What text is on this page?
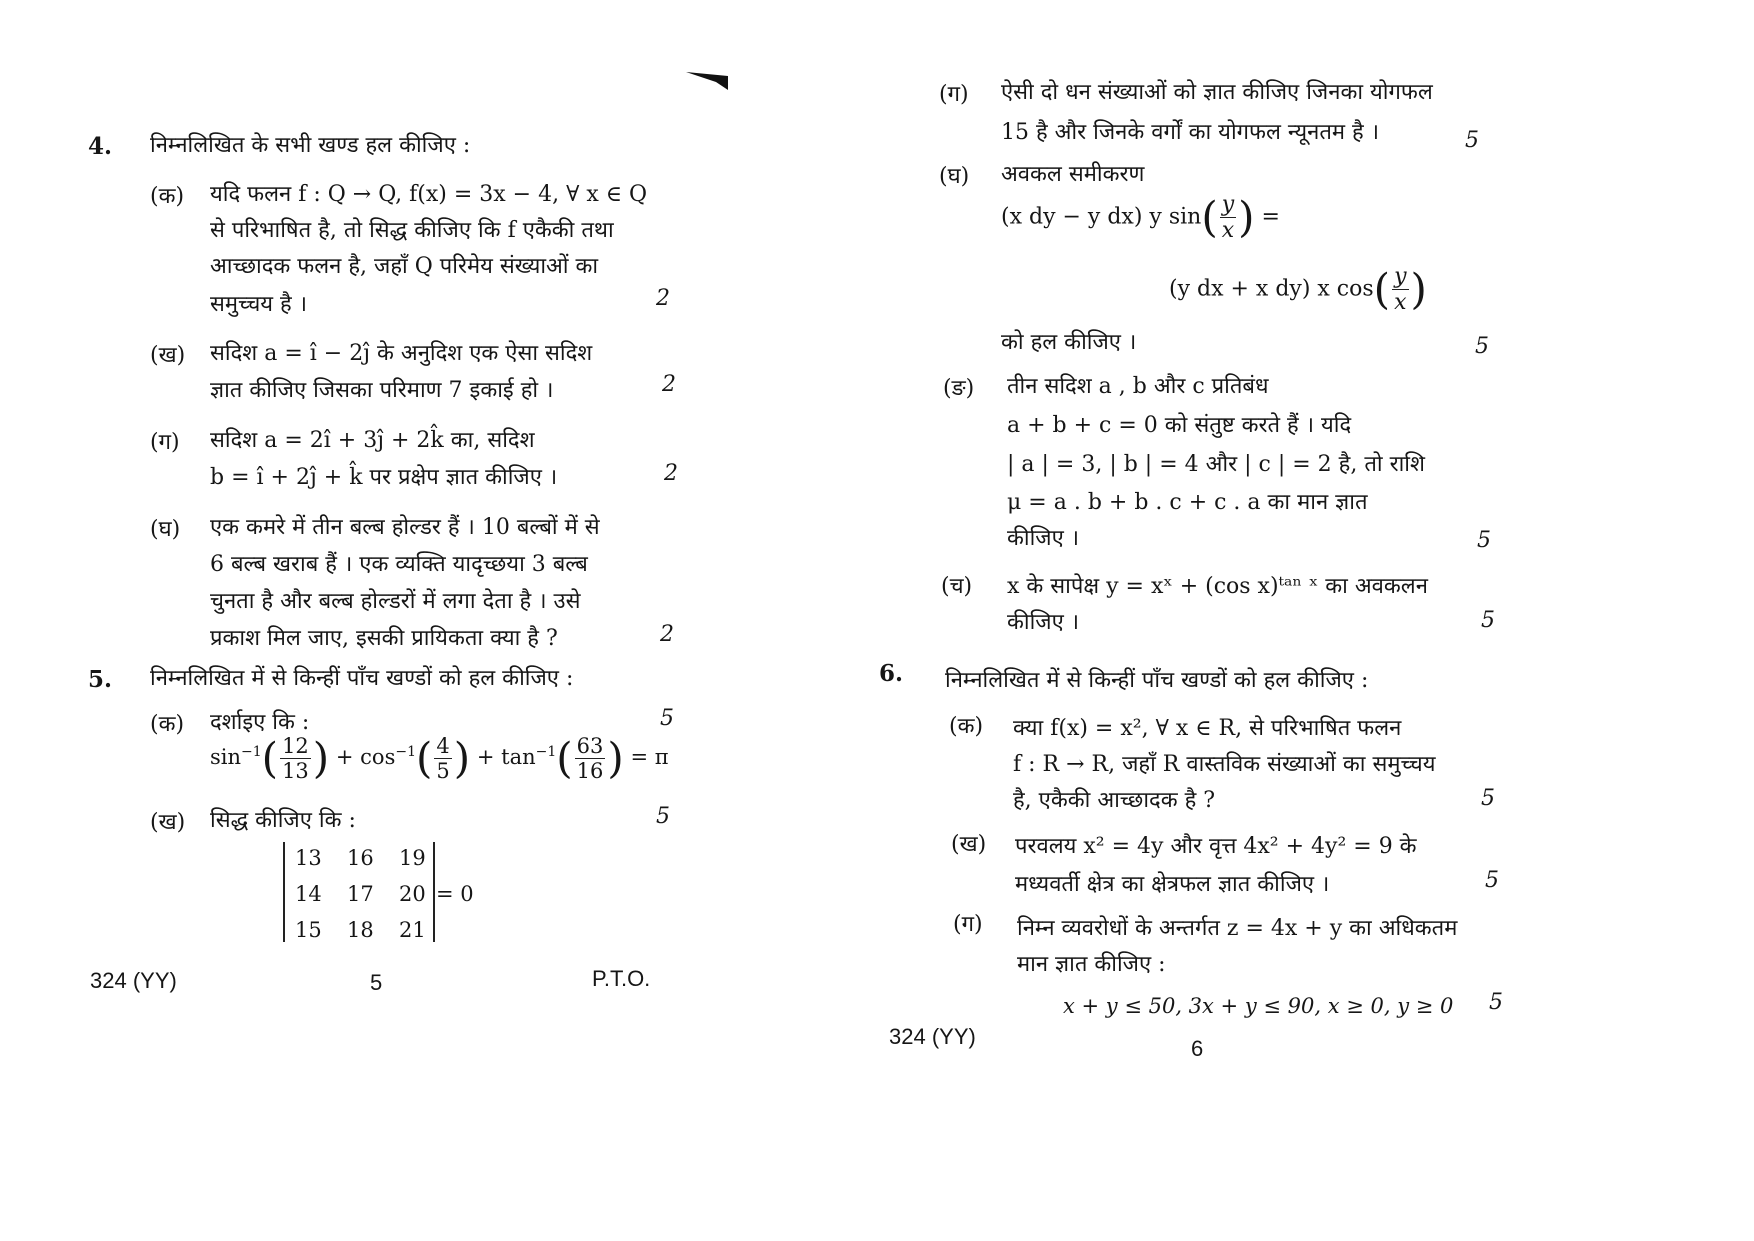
4. निम्नलिखित के सभी खण्ड हल कीजिए :
(क) यदि फलन f : Q → Q, f(x) = 3x − 4, ∀ x ∈ Q
से परिभाषित है, तो सिद्ध कीजिए कि f एकैकी तथा
आच्छादक फलन है, जहाँ Q परिमेय संख्याओं का
समुच्चय है ।	2
(ख) सदिश a = î − 2ĵ के अनुदिश एक ऐसा सदिश
ज्ञात कीजिए जिसका परिमाण 7 इकाई हो ।	2
(ग) सदिश a = 2î + 3ĵ + 2k̂ का, सदिश
b = î + 2ĵ + k̂ पर प्रक्षेप ज्ञात कीजिए ।	2
(घ) एक कमरे में तीन बल्ब होल्डर हैं । 10 बल्बों में से
6 बल्ब खराब हैं । एक व्यक्ति यादृच्छया 3 बल्ब
चुनता है और बल्ब होल्डरों में लगा देता है । उसे
प्रकाश मिल जाए, इसकी प्रायिकता क्या है ?	2
5. निम्नलिखित में से किन्हीं पाँच खण्डों को हल कीजिए :
(क) दर्शाइए कि :	5
$\sin^{-1}( \frac{12}{13}$ ) + $\cos^{-1}( \frac{4}{5}$ ) + $\tan^{-1}( \frac{63}{16}$ ) = π
(ख) सिद्ध कीजिए कि :	5
13 16 19
14 17 20
15 18 21
= 0
324 (YY)	5	P.T.O.
(ग) ऐसी दो धन संख्याओं को ज्ञात कीजिए जिनका योगफल
15 है और जिनके वर्गों का योगफल न्यूनतम है ।	5
(घ) अवकल समीकरण
(x dy − y dx) y $\sin( \frac{y}{x}$ ) =
(y dx + x dy) x $\cos( \frac{y}{x}$ )
को हल कीजिए ।	5
(ङ) तीन सदिश a , b और c प्रतिबंध
a + b + c = 0 को संतुष्ट करते हैं । यदि
| a | = 3, | b | = 4 और | c | = 2 है, तो राशि
μ = a . b + b . c + c . a का मान ज्ञात
कीजिए ।	5
(च) x के सापेक्ष y = xˣ + (cos x)ᵗᵃⁿ ˣ का अवकलन
कीजिए ।	5
6. निम्नलिखित में से किन्हीं पाँच खण्डों को हल कीजिए :
(क) क्या f(x) = x², ∀ x ∈ R, से परिभाषित फलन
f : R → R, जहाँ R वास्तविक संख्याओं का समुच्चय
है, एकैकी आच्छादक है ?	5
(ख) परवलय x² = 4y और वृत्त 4x² + 4y² = 9 के
मध्यवर्ती क्षेत्र का क्षेत्रफल ज्ञात कीजिए ।	5
(ग) निम्न व्यवरोधों के अन्तर्गत z = 4x + y का अधिकतम
मान ज्ञात कीजिए :
x + y ≤ 50, 3x + y ≤ 90, x ≥ 0, y ≥ 0 5
324 (YY)	6
